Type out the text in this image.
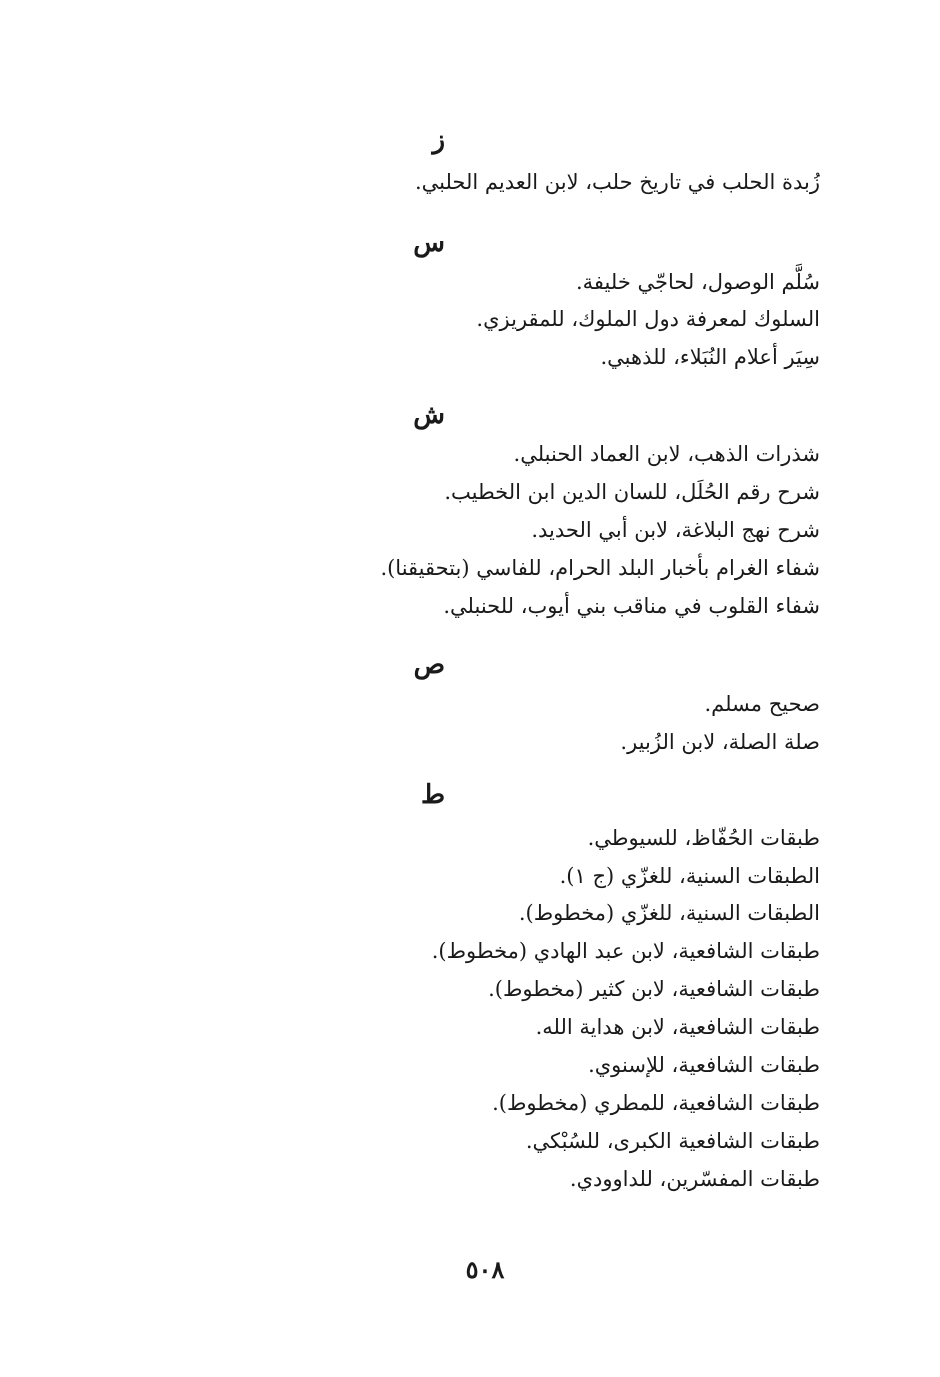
ز
زُبدة الحلب في تاريخ حلب، لابن العديم الحلبي.
س
سُلَّم الوصول، لحاجّي خليفة.
السلوك لمعرفة دول الملوك، للمقريزي.
سِيَر أعلام النُبَلاء، للذهبي.
ش
شذرات الذهب، لابن العماد الحنبلي.
شرح رقم الحُلَل، للسان الدين ابن الخطيب.
شرح نهج البلاغة، لابن أبي الحديد.
شفاء الغرام بأخبار البلد الحرام، للفاسي (بتحقيقنا).
شفاء القلوب في مناقب بني أيوب، للحنبلي.
ص
صحيح مسلم.
صلة الصلة، لابن الزُبير.
ط
طبقات الحُفّاظ، للسيوطي.
الطبقات السنية، للغزّي (ج ١).
الطبقات السنية، للغزّي (مخطوط).
طبقات الشافعية، لابن عبد الهادي (مخطوط).
طبقات الشافعية، لابن كثير (مخطوط).
طبقات الشافعية، لابن هداية الله.
طبقات الشافعية، للإسنوي.
طبقات الشافعية، للمطري (مخطوط).
طبقات الشافعية الكبرى، للسُبْكي.
طبقات المفسّرين، للداوودي.
٥٠٨
